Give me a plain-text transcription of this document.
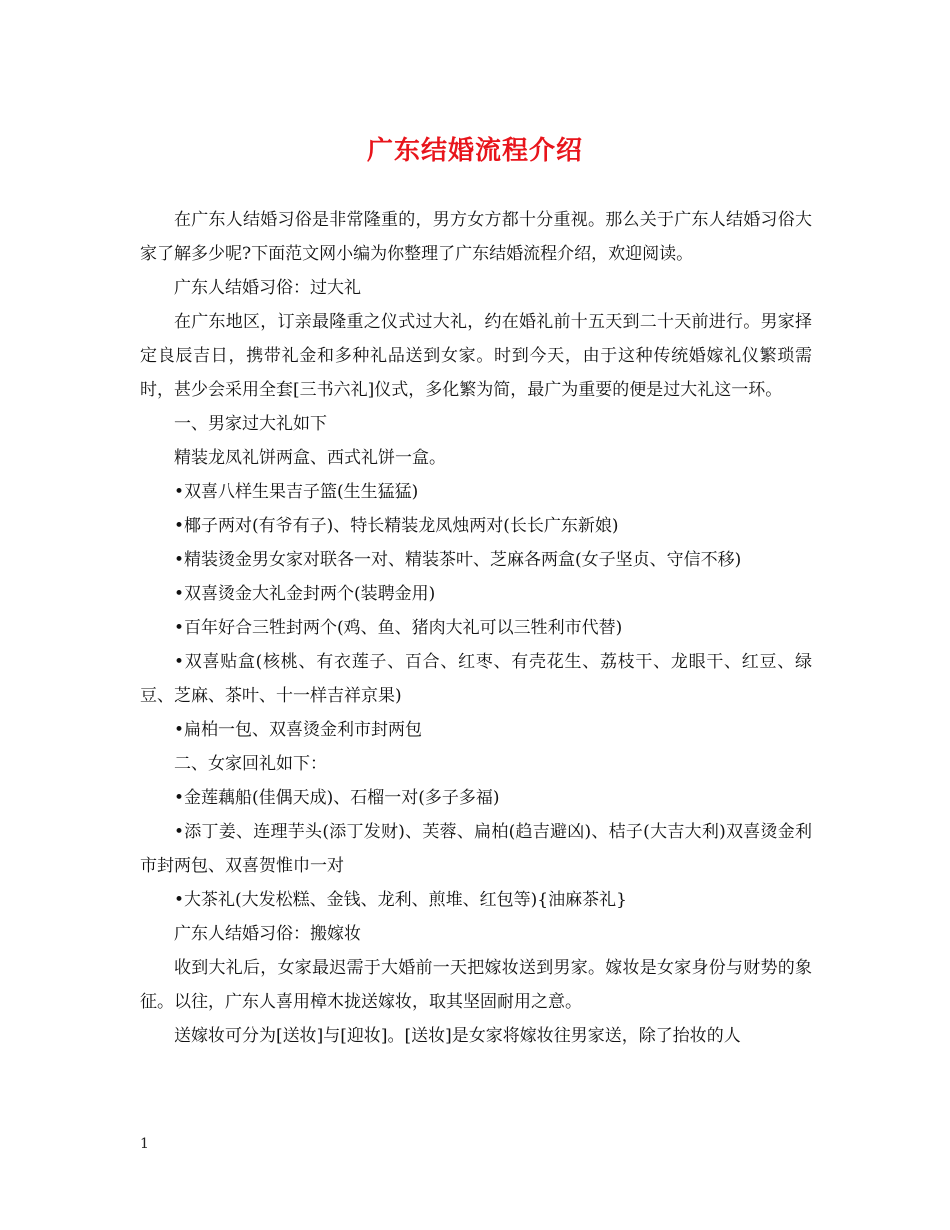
广东结婚流程介绍

在广东人结婚习俗是非常隆重的，男方女方都十分重视。那么关于广东人结婚习俗大家了解多少呢?下面范文网小编为你整理了广东结婚流程介绍，欢迎阅读。

广东人结婚习俗：过大礼

在广东地区，订亲最隆重之仪式过大礼，约在婚礼前十五天到二十天前进行。男家择定良辰吉日，携带礼金和多种礼品送到女家。时到今天，由于这种传统婚嫁礼仪繁琐需时，甚少会采用全套[三书六礼]仪式，多化繁为简，最广为重要的便是过大礼这一环。

一、男家过大礼如下

精装龙凤礼饼两盒、西式礼饼一盒。

•双喜八样生果吉子篮(生生猛猛)

•椰子两对(有爷有子)、特长精装龙凤烛两对(长长广东新娘)

•精装烫金男女家对联各一对、精装茶叶、芝麻各两盒(女子坚贞、守信不移)

•双喜烫金大礼金封两个(装聘金用)

•百年好合三牲封两个(鸡、鱼、猪肉大礼可以三牲利市代替)

•双喜贴盒(核桃、有衣莲子、百合、红枣、有壳花生、荔枝干、龙眼干、红豆、绿豆、芝麻、茶叶、十一样吉祥京果)

•扁柏一包、双喜烫金利市封两包

二、女家回礼如下：

•金莲藕船(佳偶天成)、石榴一对(多子多福)

•添丁姜、连理芋头(添丁发财)、芙蓉、扁柏(趋吉避凶)、桔子(大吉大利)双喜烫金利市封两包、双喜贺惟巾一对

•大茶礼(大发松糕、金钱、龙利、煎堆、红包等){油麻茶礼}

广东人结婚习俗：搬嫁妆

收到大礼后，女家最迟需于大婚前一天把嫁妆送到男家。嫁妆是女家身份与财势的象征。以往，广东人喜用樟木拢送嫁妆，取其坚固耐用之意。

送嫁妆可分为[送妆]与[迎妆]。[送妆]是女家将嫁妆往男家送，除了抬妆的人

1
